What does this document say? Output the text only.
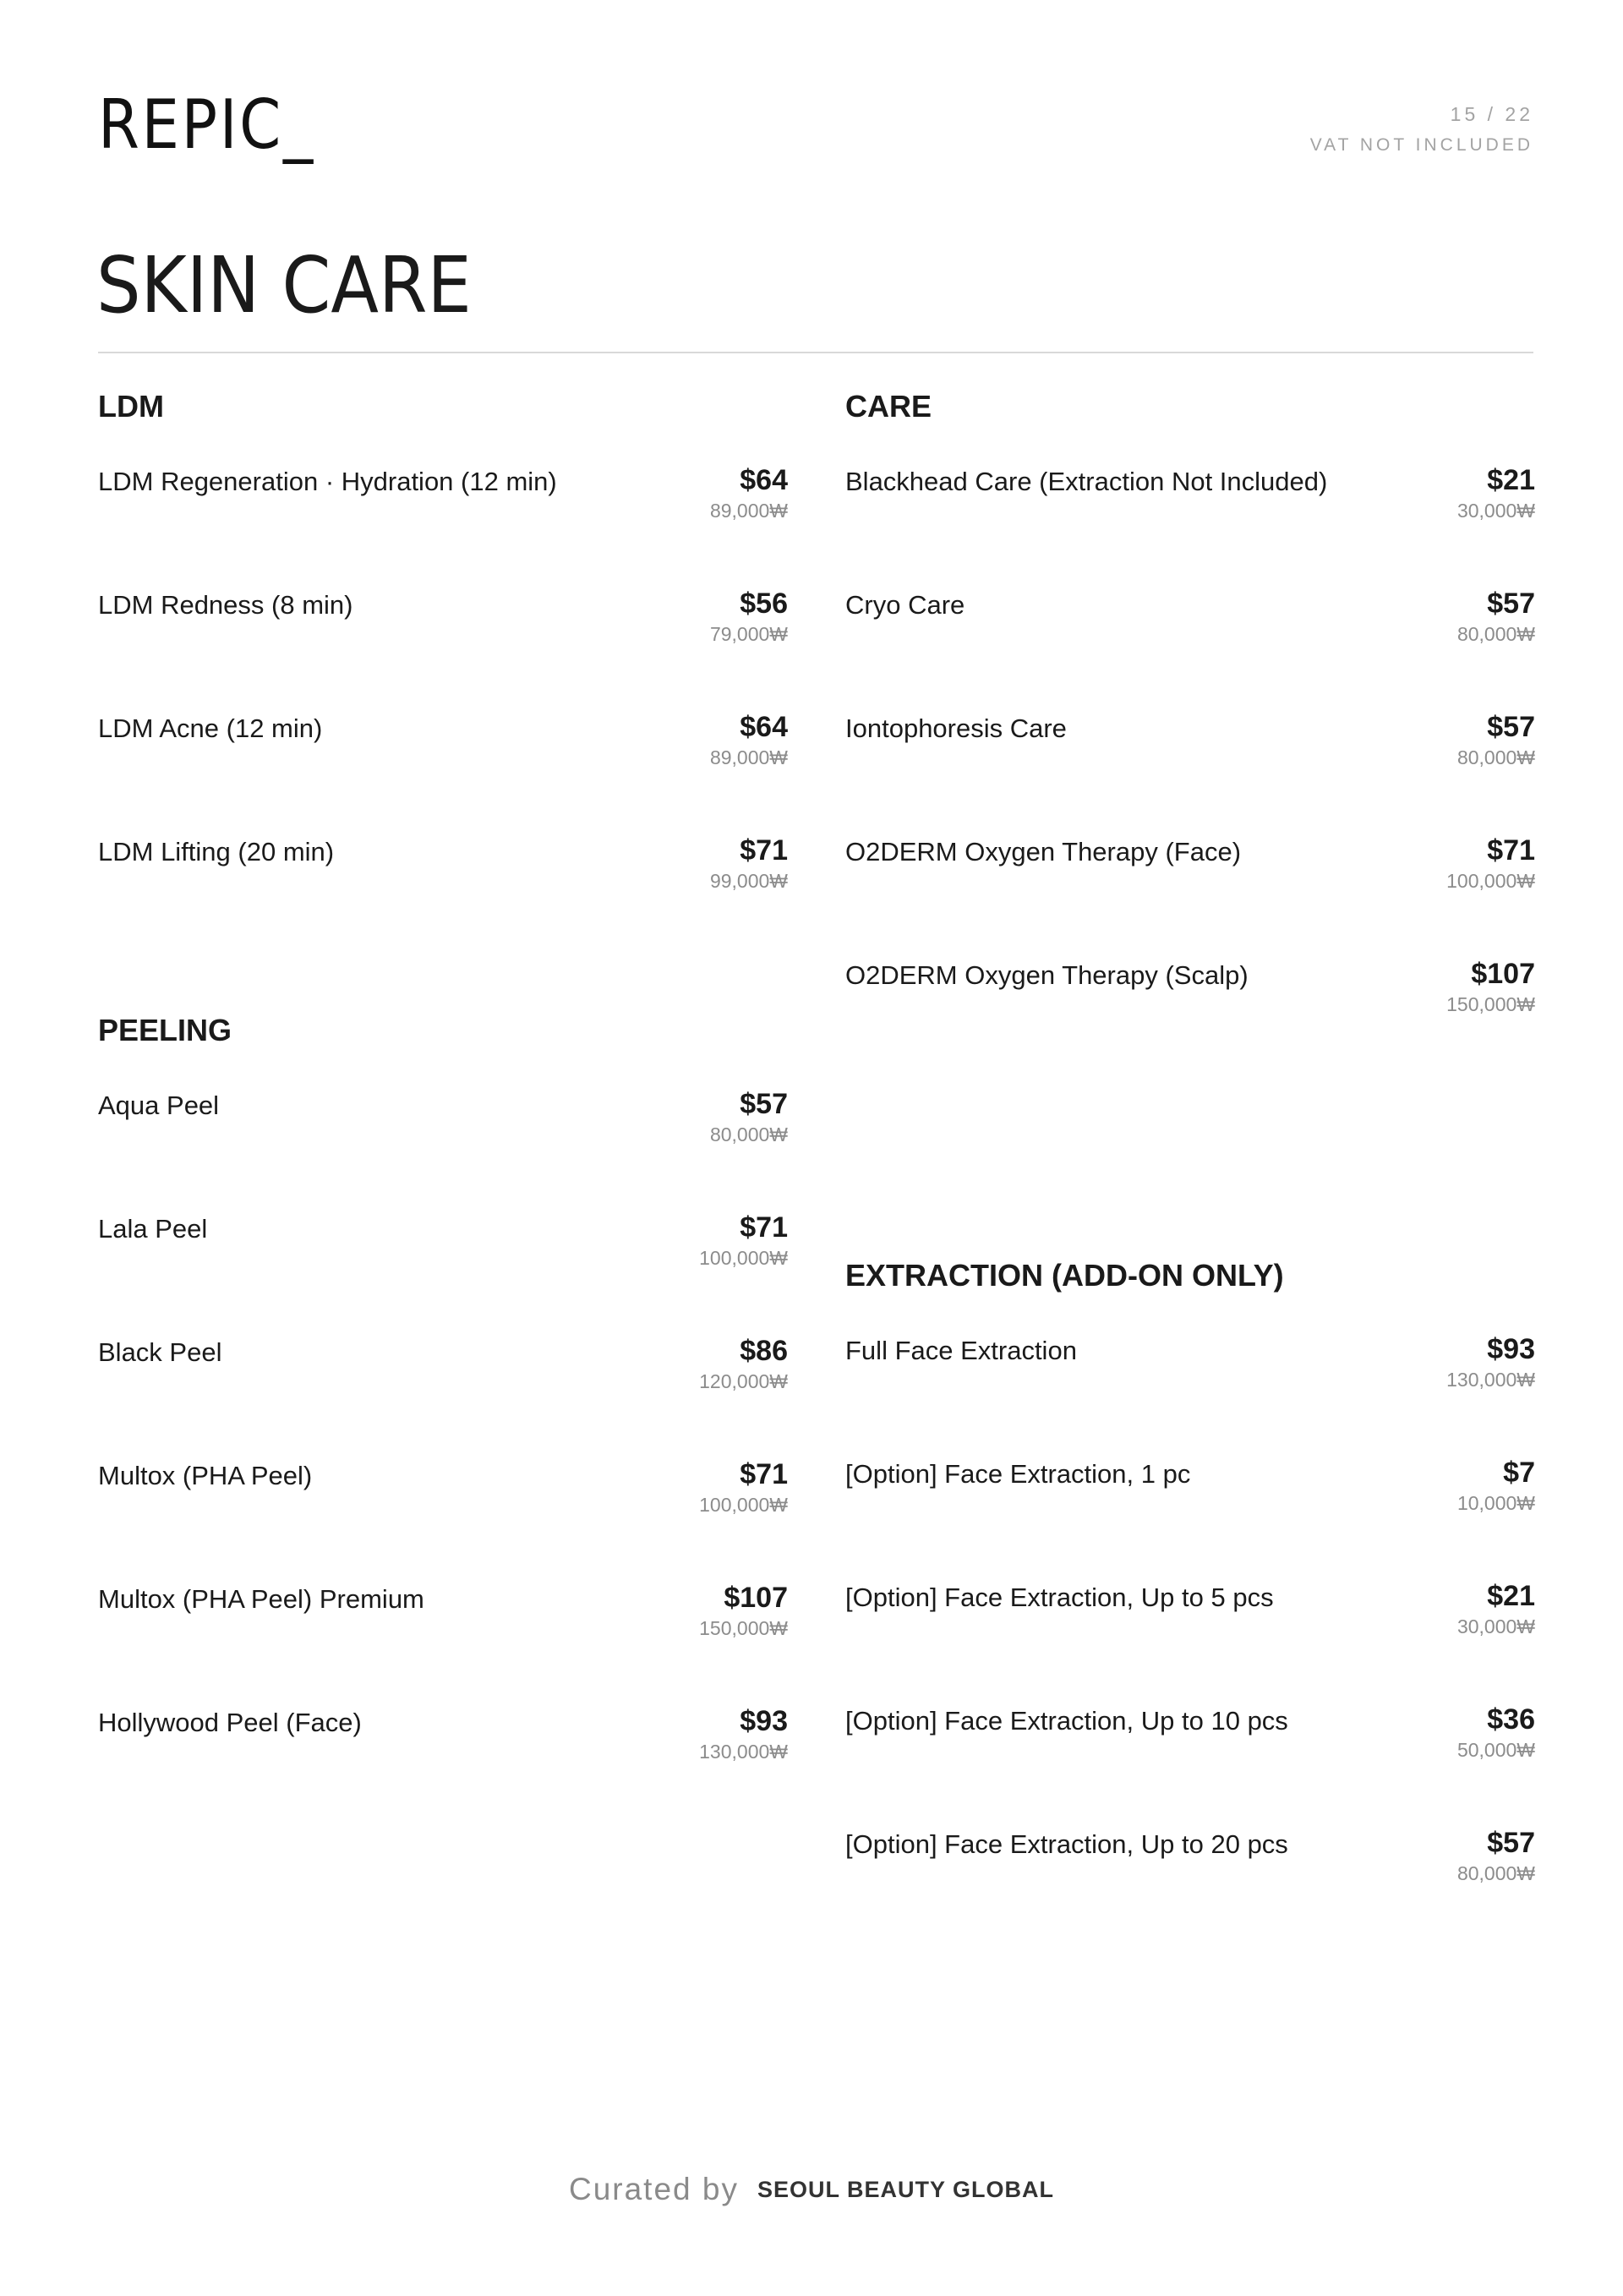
REPIC_	15 / 22
VAT NOT INCLUDED
SKIN CARE
LDM
LDM Regeneration · Hydration (12 min)	$64
89,000₩
LDM Redness (8 min)	$56
79,000₩
LDM Acne (12 min)	$64
89,000₩
LDM Lifting (20 min)	$71
99,000₩
PEELING
Aqua Peel	$57
80,000₩
Lala Peel	$71
100,000₩
Black Peel	$86
120,000₩
Multox (PHA Peel)	$71
100,000₩
Multox (PHA Peel) Premium	$107
150,000₩
Hollywood Peel (Face)	$93
130,000₩
CARE
Blackhead Care (Extraction Not Included)	$21
30,000₩
Cryo Care	$57
80,000₩
Iontophoresis Care	$57
80,000₩
O2DERM Oxygen Therapy (Face)	$71
100,000₩
O2DERM Oxygen Therapy (Scalp)	$107
150,000₩
EXTRACTION (ADD-ON ONLY)
Full Face Extraction	$93
130,000₩
[Option] Face Extraction, 1 pc	$7
10,000₩
[Option] Face Extraction, Up to 5 pcs	$21
30,000₩
[Option] Face Extraction, Up to 10 pcs	$36
50,000₩
[Option] Face Extraction, Up to 20 pcs	$57
80,000₩
Curated by SEOUL BEAUTY GLOBAL
